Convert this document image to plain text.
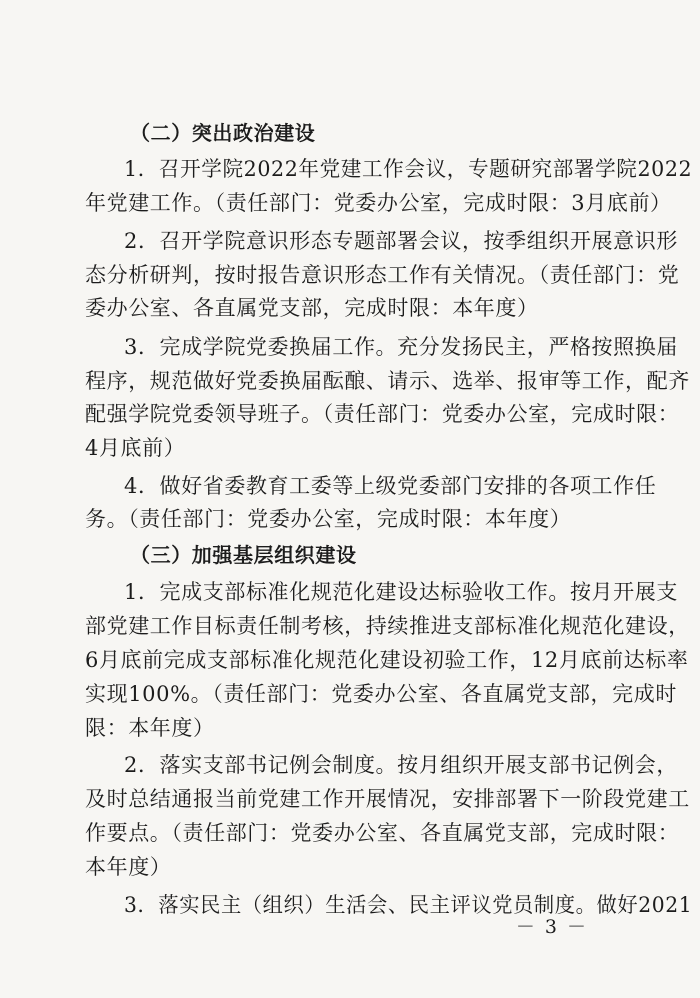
（二）突出政治建设
1．召开学院2022年党建工作会议，专题研究部署学院2022
年党建工作。（责任部门：党委办公室，完成时限：3月底前）
2．召开学院意识形态专题部署会议，按季组织开展意识形
态分析研判，按时报告意识形态工作有关情况。（责任部门：党
委办公室、各直属党支部，完成时限：本年度）
3．完成学院党委换届工作。充分发扬民主，严格按照换届
程序，规范做好党委换届酝酿、请示、选举、报审等工作，配齐
配强学院党委领导班子。（责任部门：党委办公室，完成时限：
4月底前）
4．做好省委教育工委等上级党委部门安排的各项工作任
务。（责任部门：党委办公室，完成时限：本年度）
（三）加强基层组织建设
1．完成支部标准化规范化建设达标验收工作。按月开展支
部党建工作目标责任制考核，持续推进支部标准化规范化建设，
6月底前完成支部标准化规范化建设初验工作，12月底前达标率
实现100%。（责任部门：党委办公室、各直属党支部，完成时
限：本年度）
2．落实支部书记例会制度。按月组织开展支部书记例会，
及时总结通报当前党建工作开展情况，安排部署下一阶段党建工
作要点。（责任部门：党委办公室、各直属党支部，完成时限：
本年度）
3．落实民主（组织）生活会、民主评议党员制度。做好2021
－ 3 －
